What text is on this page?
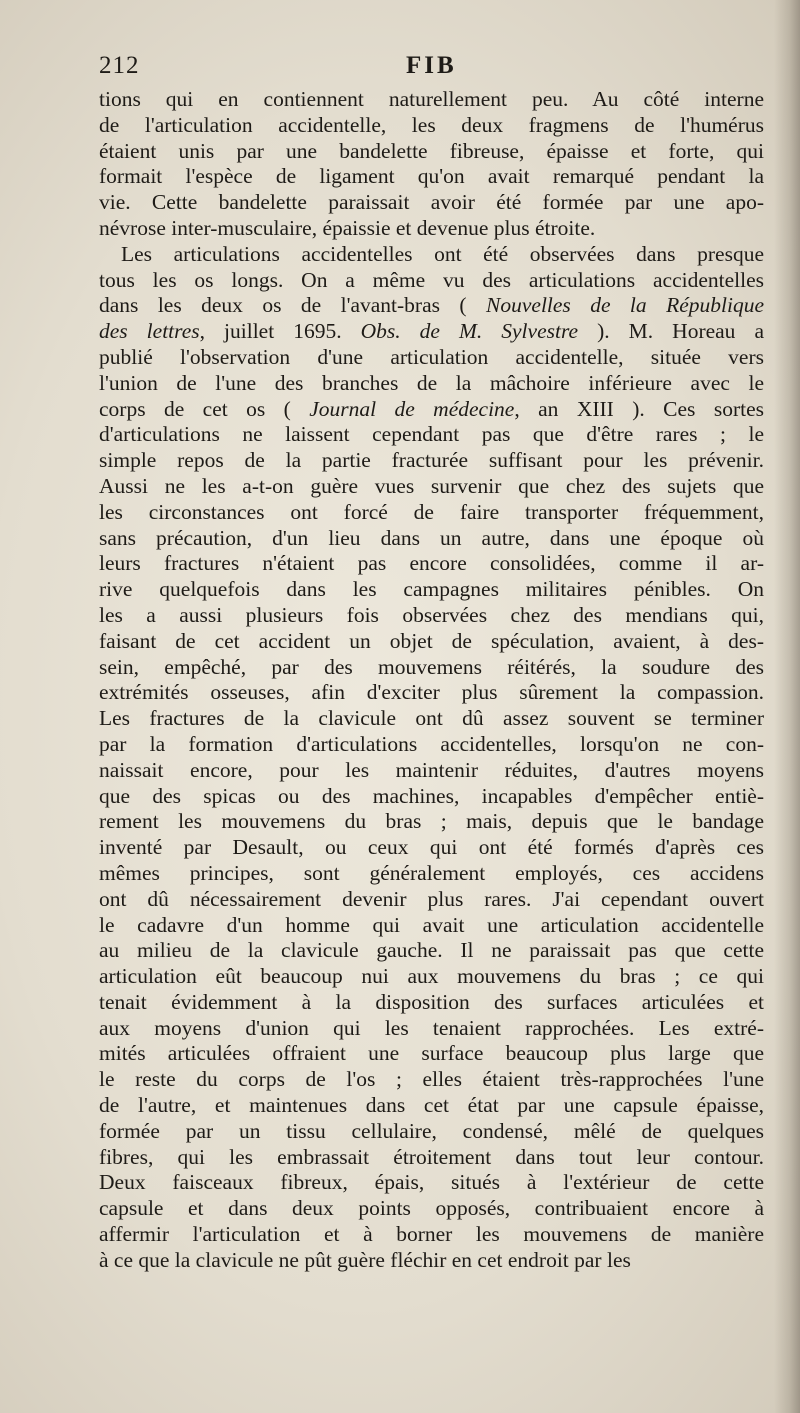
212	FIB
tions qui en contiennent naturellement peu. Au côté interne
de l'articulation accidentelle, les deux fragmens de l'humérus
étaient unis par une bandelette fibreuse, épaisse et forte, qui
formait l'espèce de ligament qu'on avait remarqué pendant la
vie. Cette bandelette paraissait avoir été formée par une apo-
névrose inter-musculaire, épaissie et devenue plus étroite.
Les articulations accidentelles ont été observées dans presque
tous les os longs. On a même vu des articulations accidentelles
dans les deux os de l'avant-bras ( Nouvelles de la République
des lettres, juillet 1695. Obs. de M. Sylvestre ). M. Horeau a
publié l'observation d'une articulation accidentelle, située vers
l'union de l'une des branches de la mâchoire inférieure avec le
corps de cet os ( Journal de médecine, an XIII ). Ces sortes
d'articulations ne laissent cependant pas que d'être rares ; le
simple repos de la partie fracturée suffisant pour les prévenir.
Aussi ne les a-t-on guère vues survenir que chez des sujets que
les circonstances ont forcé de faire transporter fréquemment,
sans précaution, d'un lieu dans un autre, dans une époque où
leurs fractures n'étaient pas encore consolidées, comme il ar-
rive quelquefois dans les campagnes militaires pénibles. On
les a aussi plusieurs fois observées chez des mendians qui,
faisant de cet accident un objet de spéculation, avaient, à des-
sein, empêché, par des mouvemens réitérés, la soudure des
extrémités osseuses, afin d'exciter plus sûrement la compassion.
Les fractures de la clavicule ont dû assez souvent se terminer
par la formation d'articulations accidentelles, lorsqu'on ne con-
naissait encore, pour les maintenir réduites, d'autres moyens
que des spicas ou des machines, incapables d'empêcher entiè-
rement les mouvemens du bras ; mais, depuis que le bandage
inventé par Desault, ou ceux qui ont été formés d'après ces
mêmes principes, sont généralement employés, ces accidens
ont dû nécessairement devenir plus rares. J'ai cependant ouvert
le cadavre d'un homme qui avait une articulation accidentelle
au milieu de la clavicule gauche. Il ne paraissait pas que cette
articulation eût beaucoup nui aux mouvemens du bras ; ce qui
tenait évidemment à la disposition des surfaces articulées et
aux moyens d'union qui les tenaient rapprochées. Les extré-
mités articulées offraient une surface beaucoup plus large que
le reste du corps de l'os ; elles étaient très-rapprochées l'une
de l'autre, et maintenues dans cet état par une capsule épaisse,
formée par un tissu cellulaire, condensé, mêlé de quelques
fibres, qui les embrassait étroitement dans tout leur contour.
Deux faisceaux fibreux, épais, situés à l'extérieur de cette
capsule et dans deux points opposés, contribuaient encore à
affermir l'articulation et à borner les mouvemens de manière
à ce que la clavicule ne pût guère fléchir en cet endroit par les
